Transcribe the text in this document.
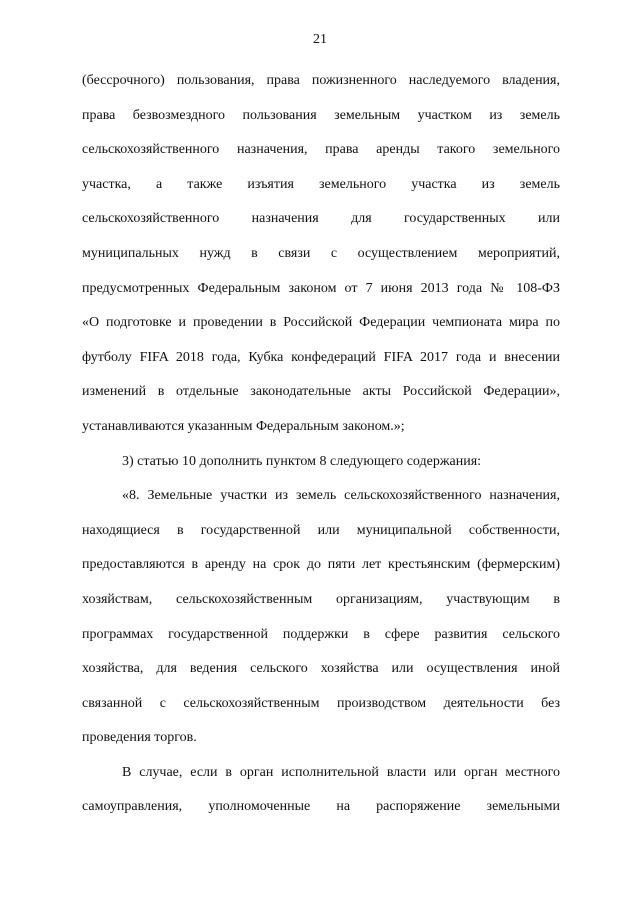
21
(бессрочного) пользования, права пожизненного наследуемого владения,
права безвозмездного пользования земельным участком из земель
сельскохозяйственного назначения, права аренды такого земельного
участка, а также изъятия земельного участка из земель
сельскохозяйственного назначения для государственных или
муниципальных нужд в связи с осуществлением мероприятий,
предусмотренных Федеральным законом от 7 июня 2013 года № 108-ФЗ
«О подготовке и проведении в Российской Федерации чемпионата мира по
футболу FIFA 2018 года, Кубка конфедераций FIFA 2017 года и внесении
изменений в отдельные законодательные акты Российской Федерации»,
устанавливаются указанным Федеральным законом.»;
3) статью 10 дополнить пунктом 8 следующего содержания:
«8. Земельные участки из земель сельскохозяйственного назначения,
находящиеся в государственной или муниципальной собственности,
предоставляются в аренду на срок до пяти лет крестьянским (фермерским)
хозяйствам, сельскохозяйственным организациям, участвующим в
программах государственной поддержки в сфере развития сельского
хозяйства, для ведения сельского хозяйства или осуществления иной
связанной с сельскохозяйственным производством деятельности без
проведения торгов.
В случае, если в орган исполнительной власти или орган местного
самоуправления, уполномоченные на распоряжение земельными
